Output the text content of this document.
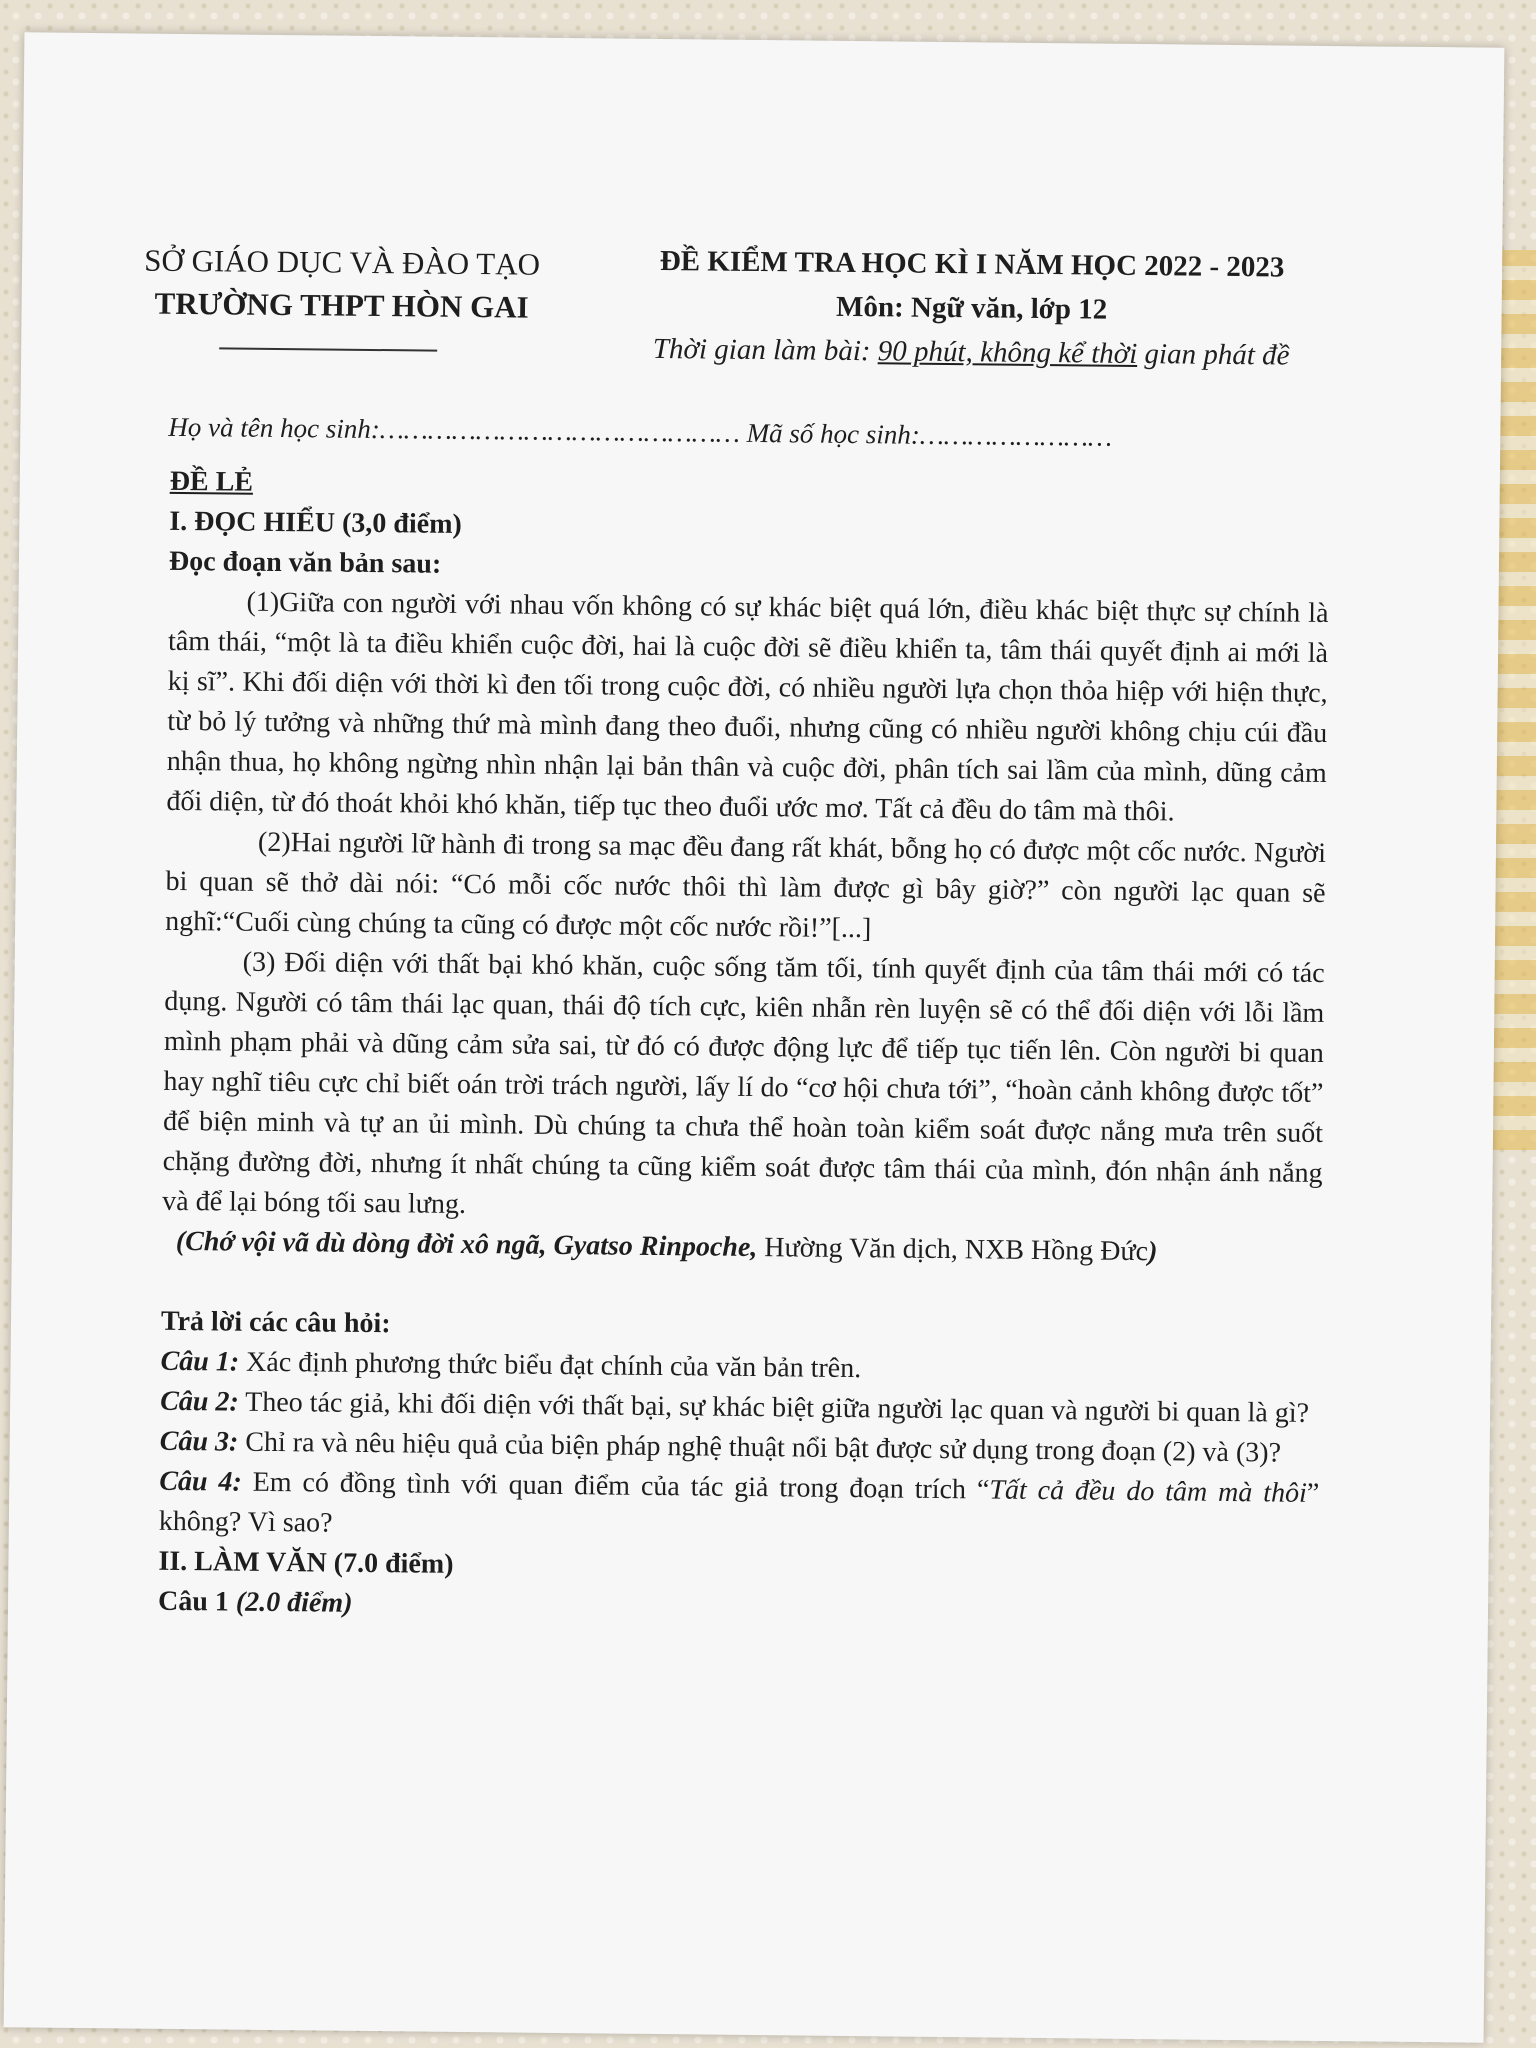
SỞ GIÁO DỤC VÀ ĐÀO TẠO
TRƯỜNG THPT HÒN GAI
ĐỀ KIỂM TRA HỌC KÌ I NĂM HỌC 2022 - 2023
Môn: Ngữ văn, lớp 12
Thời gian làm bài: 90 phút, không kể thời gian phát đề
Họ và tên học sinh:……………………………………… Mã số học sinh:……………………

ĐỀ LẺ

I. ĐỌC HIỂU (3,0 điểm)

Đọc đoạn văn bản sau:

(1)Giữa con người với nhau vốn không có sự khác biệt quá lớn, điều khác biệt thực sự chính là tâm thái, “một là ta điều khiển cuộc đời, hai là cuộc đời sẽ điều khiển ta, tâm thái quyết định ai mới là kị sĩ”. Khi đối diện với thời kì đen tối trong cuộc đời, có nhiều người lựa chọn thỏa hiệp với hiện thực, từ bỏ lý tưởng và những thứ mà mình đang theo đuổi, nhưng cũng có nhiều người không chịu cúi đầu nhận thua, họ không ngừng nhìn nhận lại bản thân và cuộc đời, phân tích sai lầm của mình, dũng cảm đối diện, từ đó thoát khỏi khó khăn, tiếp tục theo đuổi ước mơ. Tất cả đều do tâm mà thôi.

(2)Hai người lữ hành đi trong sa mạc đều đang rất khát, bỗng họ có được một cốc nước. Người bi quan sẽ thở dài nói: “Có mỗi cốc nước thôi thì làm được gì bây giờ?” còn người lạc quan sẽ nghĩ:“Cuối cùng chúng ta cũng có được một cốc nước rồi!”[...]

(3) Đối diện với thất bại khó khăn, cuộc sống tăm tối, tính quyết định của tâm thái mới có tác dụng. Người có tâm thái lạc quan, thái độ tích cực, kiên nhẫn rèn luyện sẽ có thể đối diện với lỗi lầm mình phạm phải và dũng cảm sửa sai, từ đó có được động lực để tiếp tục tiến lên. Còn người bi quan hay nghĩ tiêu cực chỉ biết oán trời trách người, lấy lí do “cơ hội chưa tới”, “hoàn cảnh không được tốt” để biện minh và tự an ủi mình. Dù chúng ta chưa thể hoàn toàn kiểm soát được nắng mưa trên suốt chặng đường đời, nhưng ít nhất chúng ta cũng kiểm soát được tâm thái của mình, đón nhận ánh nắng và để lại bóng tối sau lưng.

(Chớ vội vã dù dòng đời xô ngã, Gyatso Rinpoche, Hường Văn dịch, NXB Hồng Đức)

Trả lời các câu hỏi:

Câu 1: Xác định phương thức biểu đạt chính của văn bản trên.

Câu 2: Theo tác giả, khi đối diện với thất bại, sự khác biệt giữa người lạc quan và người bi quan là gì?

Câu 3: Chỉ ra và nêu hiệu quả của biện pháp nghệ thuật nổi bật được sử dụng trong đoạn (2) và (3)?

Câu 4: Em có đồng tình với quan điểm của tác giả trong đoạn trích “Tất cả đều do tâm mà thôi” không? Vì sao?

II. LÀM VĂN (7.0 điểm)

Câu 1 (2.0 điểm)
